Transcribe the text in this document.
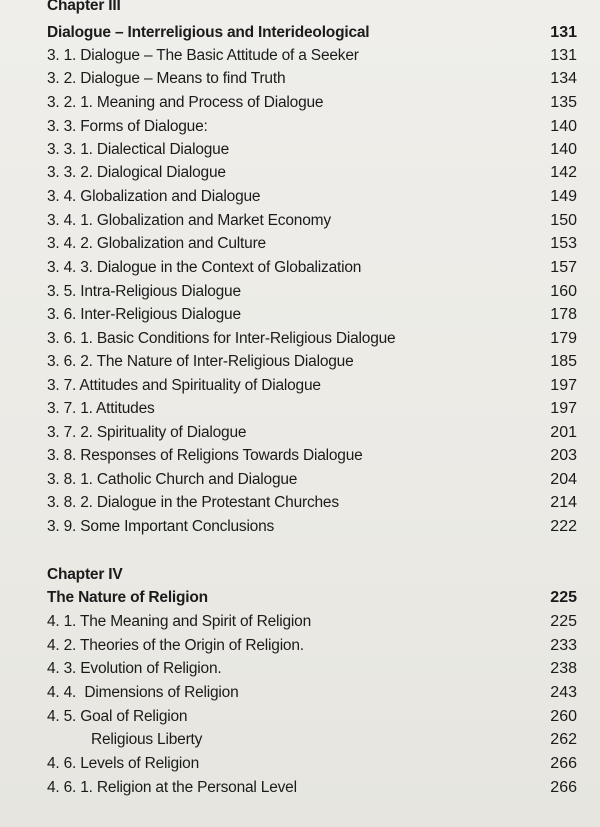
Chapter III
Dialogue – Interreligious and Interideological	131
3. 1. Dialogue – The Basic Attitude of a Seeker	131
3. 2. Dialogue – Means to find Truth	134
3. 2. 1. Meaning and Process of Dialogue	135
3. 3. Forms of Dialogue:	140
3. 3. 1. Dialectical Dialogue	140
3. 3. 2. Dialogical Dialogue	142
3. 4. Globalization and Dialogue	149
3. 4. 1. Globalization and Market Economy	150
3. 4. 2. Globalization and Culture	153
3. 4. 3. Dialogue in the Context of Globalization	157
3. 5. Intra-Religious Dialogue	160
3. 6. Inter-Religious Dialogue	178
3. 6. 1. Basic Conditions for Inter-Religious Dialogue	179
3. 6. 2. The Nature of Inter-Religious Dialogue	185
3. 7. Attitudes and Spirituality of Dialogue	197
3. 7. 1. Attitudes	197
3. 7. 2. Spirituality of Dialogue	201
3. 8. Responses of Religions Towards Dialogue	203
3. 8. 1. Catholic Church and Dialogue	204
3. 8. 2. Dialogue in the Protestant Churches	214
3. 9. Some Important Conclusions	222
Chapter IV
The Nature of Religion	225
4. 1. The Meaning and Spirit of Religion	225
4. 2. Theories of the Origin of Religion.	233
4. 3. Evolution of Religion.	238
4. 4.  Dimensions of Religion	243
4. 5. Goal of Religion	260
Religious Liberty	262
4. 6. Levels of Religion	266
4. 6. 1. Religion at the Personal Level	266
